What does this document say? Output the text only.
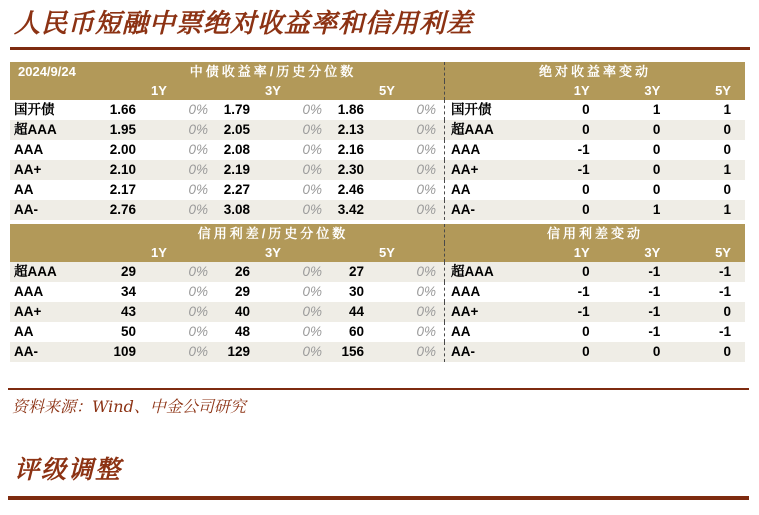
人民币短融中票绝对收益率和信用利差
2024/9/24	中债收益率/历史分位数	绝对收益率变动
1Y	3Y	5Y	1Y	3Y	5Y
国开债	1.66	0%	1.79	0%	1.86	0%	国开债	0	1	1
超AAA	1.95	0%	2.05	0%	2.13	0%	超AAA	0	0	0
AAA	2.00	0%	2.08	0%	2.16	0%	AAA	-1	0	0
AA+	2.10	0%	2.19	0%	2.30	0%	AA+	-1	0	1
AA	2.17	0%	2.27	0%	2.46	0%	AA	0	0	0
AA-	2.76	0%	3.08	0%	3.42	0%	AA-	0	1	1
信用利差/历史分位数	信用利差变动
1Y	3Y	5Y	1Y	3Y	5Y
超AAA	29	0%	26	0%	27	0%	超AAA	0	-1	-1
AAA	34	0%	29	0%	30	0%	AAA	-1	-1	-1
AA+	43	0%	40	0%	44	0%	AA+	-1	-1	0
AA	50	0%	48	0%	60	0%	AA	0	-1	-1
AA-	109	0%	129	0%	156	0%	AA-	0	0	0
资料来源：Wind、中金公司研究
评级调整
